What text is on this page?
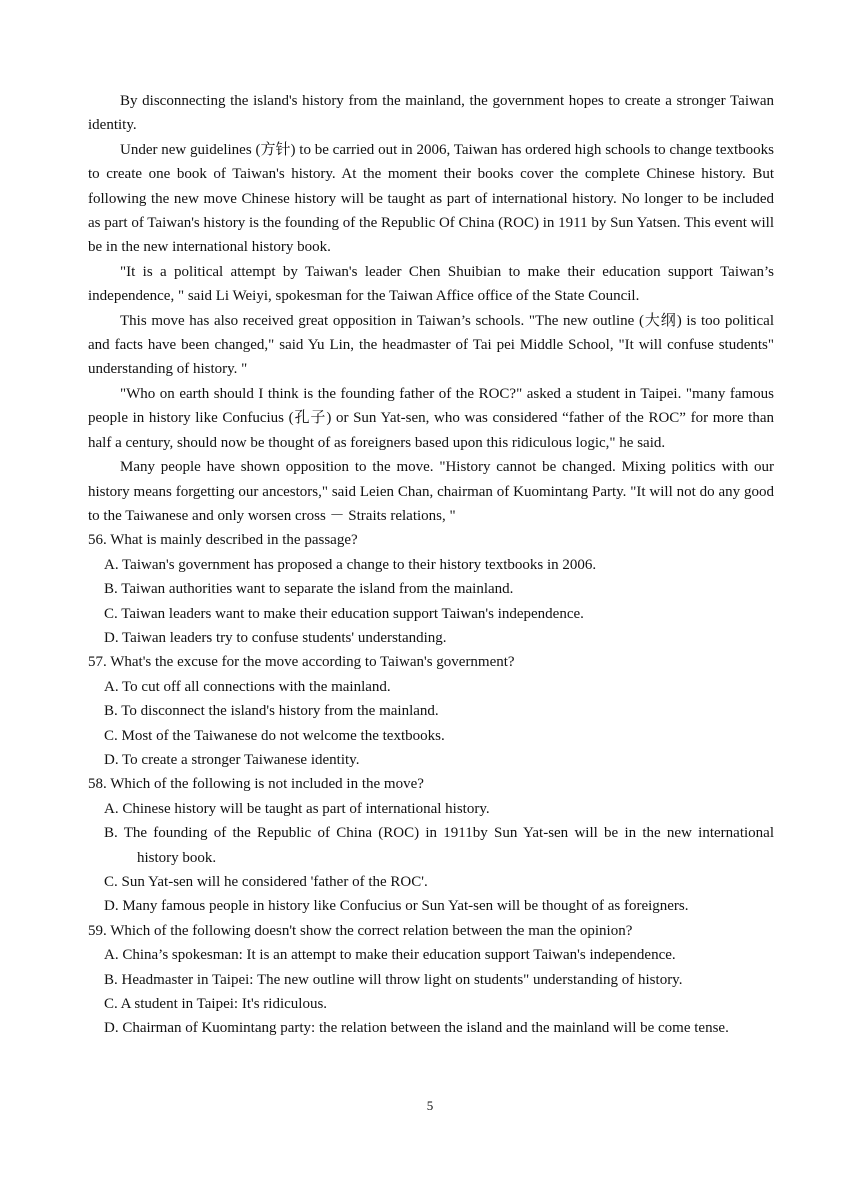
By disconnecting the island's history from the mainland, the government hopes to create a stronger Taiwan identity.

Under new guidelines (方针) to be carried out in 2006, Taiwan has ordered high schools to change textbooks to create one book of Taiwan's history. At the moment their books cover the complete Chinese history. But following the new move Chinese history will be taught as part of international history. No longer to be included as part of Taiwan's history is the founding of the Republic Of China (ROC) in 1911 by Sun Yatsen. This event will be in the new international history book.

"It is a political attempt by Taiwan's leader Chen Shuibian to make their education support Taiwan’s independence, " said Li Weiyi, spokesman for the Taiwan Affice office of the State Council.

This move has also received great opposition in Taiwan’s schools. "The new outline (大纲) is too political and facts have been changed," said Yu Lin, the headmaster of Tai pei Middle School, "It will confuse students" understanding of history. "

"Who on earth should I think is the founding father of the ROC?" asked a student in Taipei. "many famous people in history like Confucius (孔子) or Sun Yat-sen, who was considered “father of the ROC” for more than half a century, should now be thought of as foreigners based upon this ridiculous logic," he said.

Many people have shown opposition to the move. "History cannot be changed. Mixing politics with our history means forgetting our ancestors," said Leien Chan, chairman of Kuomintang Party. "It will not do any good to the Taiwanese and only worsen cross － Straits relations, "

56. What is mainly described in the passage?

A. Taiwan's government has proposed a change to their history textbooks in 2006.

B. Taiwan authorities want to separate the island from the mainland.

C. Taiwan leaders want to make their education support Taiwan's independence.

D. Taiwan leaders try to confuse students' understanding.

57. What's the excuse for the move according to Taiwan's government?

A. To cut off all connections with the mainland.

B. To disconnect the island's history from the mainland.

C. Most of the Taiwanese do not welcome the textbooks.

D. To create a stronger Taiwanese identity.

58. Which of the following is not included in the move?

A. Chinese history will be taught as part of international history.

B. The founding of the Republic of China (ROC) in 1911by Sun Yat-sen will be in the new international history book.

C. Sun Yat-sen will he considered 'father of the ROC'.

D. Many famous people in history like Confucius or Sun Yat-sen will be thought of as foreigners.

59. Which of the following doesn't show the correct relation between the man the opinion?

A. China’s spokesman: It is an attempt to make their education support Taiwan's independence.

B. Headmaster in Taipei: The new outline will throw light on students" understanding of history.

C. A student in Taipei: It's ridiculous.

D. Chairman of Kuomintang party: the relation between the island and the mainland will be come tense.

5
